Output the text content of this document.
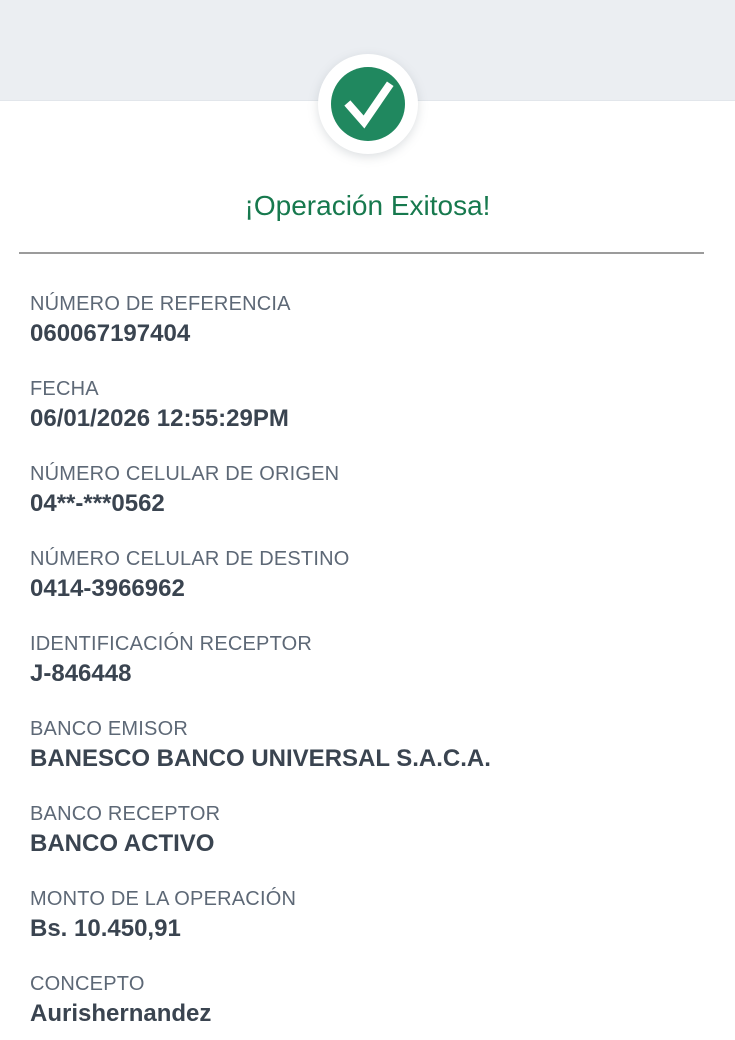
¡Operación Exitosa!
NÚMERO DE REFERENCIA
060067197404
FECHA
06/01/2026 12:55:29PM
NÚMERO CELULAR DE ORIGEN
04**-***0562
NÚMERO CELULAR DE DESTINO
0414-3966962
IDENTIFICACIÓN RECEPTOR
J-846448
BANCO EMISOR
BANESCO BANCO UNIVERSAL S.A.C.A.
BANCO RECEPTOR
BANCO ACTIVO
MONTO DE LA OPERACIÓN
Bs. 10.450,91
CONCEPTO
Aurishernandez
